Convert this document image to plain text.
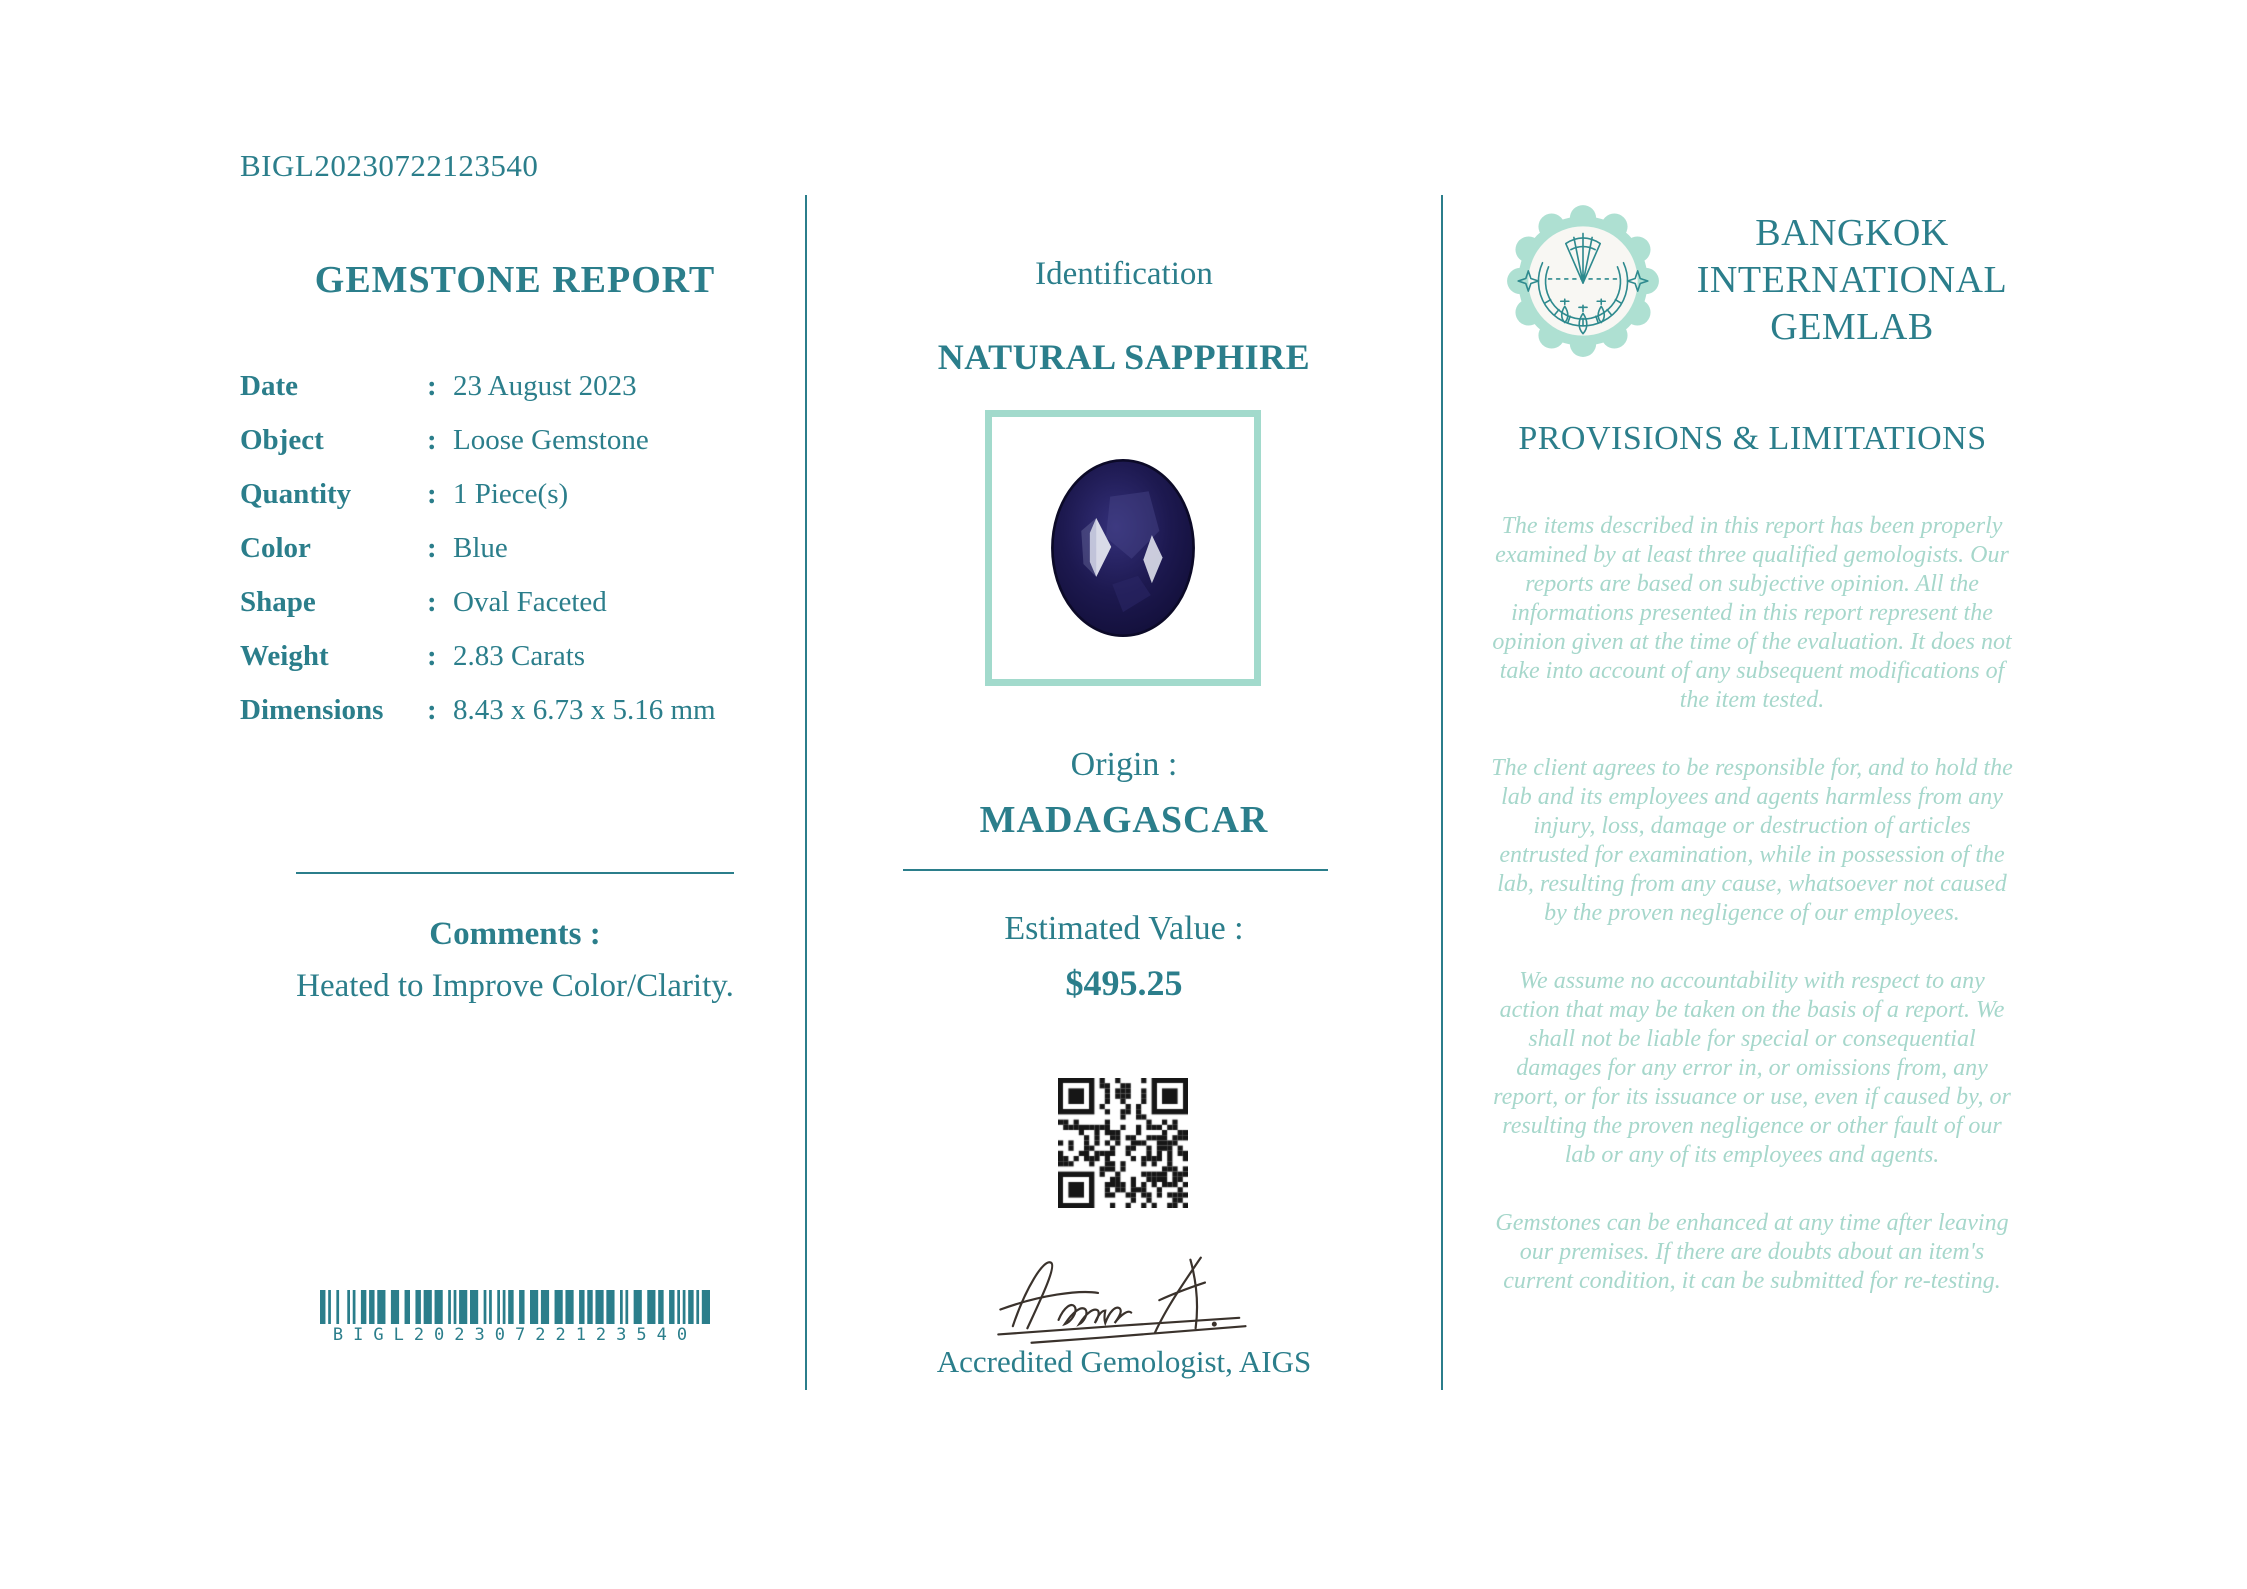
BIGL20230722123540
GEMSTONE REPORT
Date	: 23 August 2023
Object	: Loose Gemstone
Quantity	: 1 Piece(s)
Color	: Blue
Shape	: Oval Faceted
Weight	: 2.83 Carats
Dimensions	: 8.43 x 6.73 x 5.16 mm
Comments :
Heated to Improve Color/Clarity.
BIGL20230722123540
Identification
NATURAL SAPPHIRE
Origin :
MADAGASCAR
Estimated Value :
$495.25
Accredited Gemologist, AIGS
BANGKOK INTERNATIONAL GEMLAB
PROVISIONS & LIMITATIONS

The items described in this report has been properly examined by at least three qualified gemologists. Our reports are based on subjective opinion. All the informations presented in this report represent the opinion given at the time of the evaluation. It does not take into account of any subsequent modifications of the item tested.

The client agrees to be responsible for, and to hold the lab and its employees and agents harmless from any injury, loss, damage or destruction of articles entrusted for examination, while in possession of the lab, resulting from any cause, whatsoever not caused by the proven negligence of our employees.

We assume no accountability with respect to any action that may be taken on the basis of a report. We shall not be liable for special or consequential damages for any error in, or omissions from, any report, or for its issuance or use, even if caused by, or resulting the proven negligence or other fault of our lab or any of its employees and agents.

Gemstones can be enhanced at any time after leaving our premises. If there are doubts about an item's current condition, it can be submitted for re-testing.
